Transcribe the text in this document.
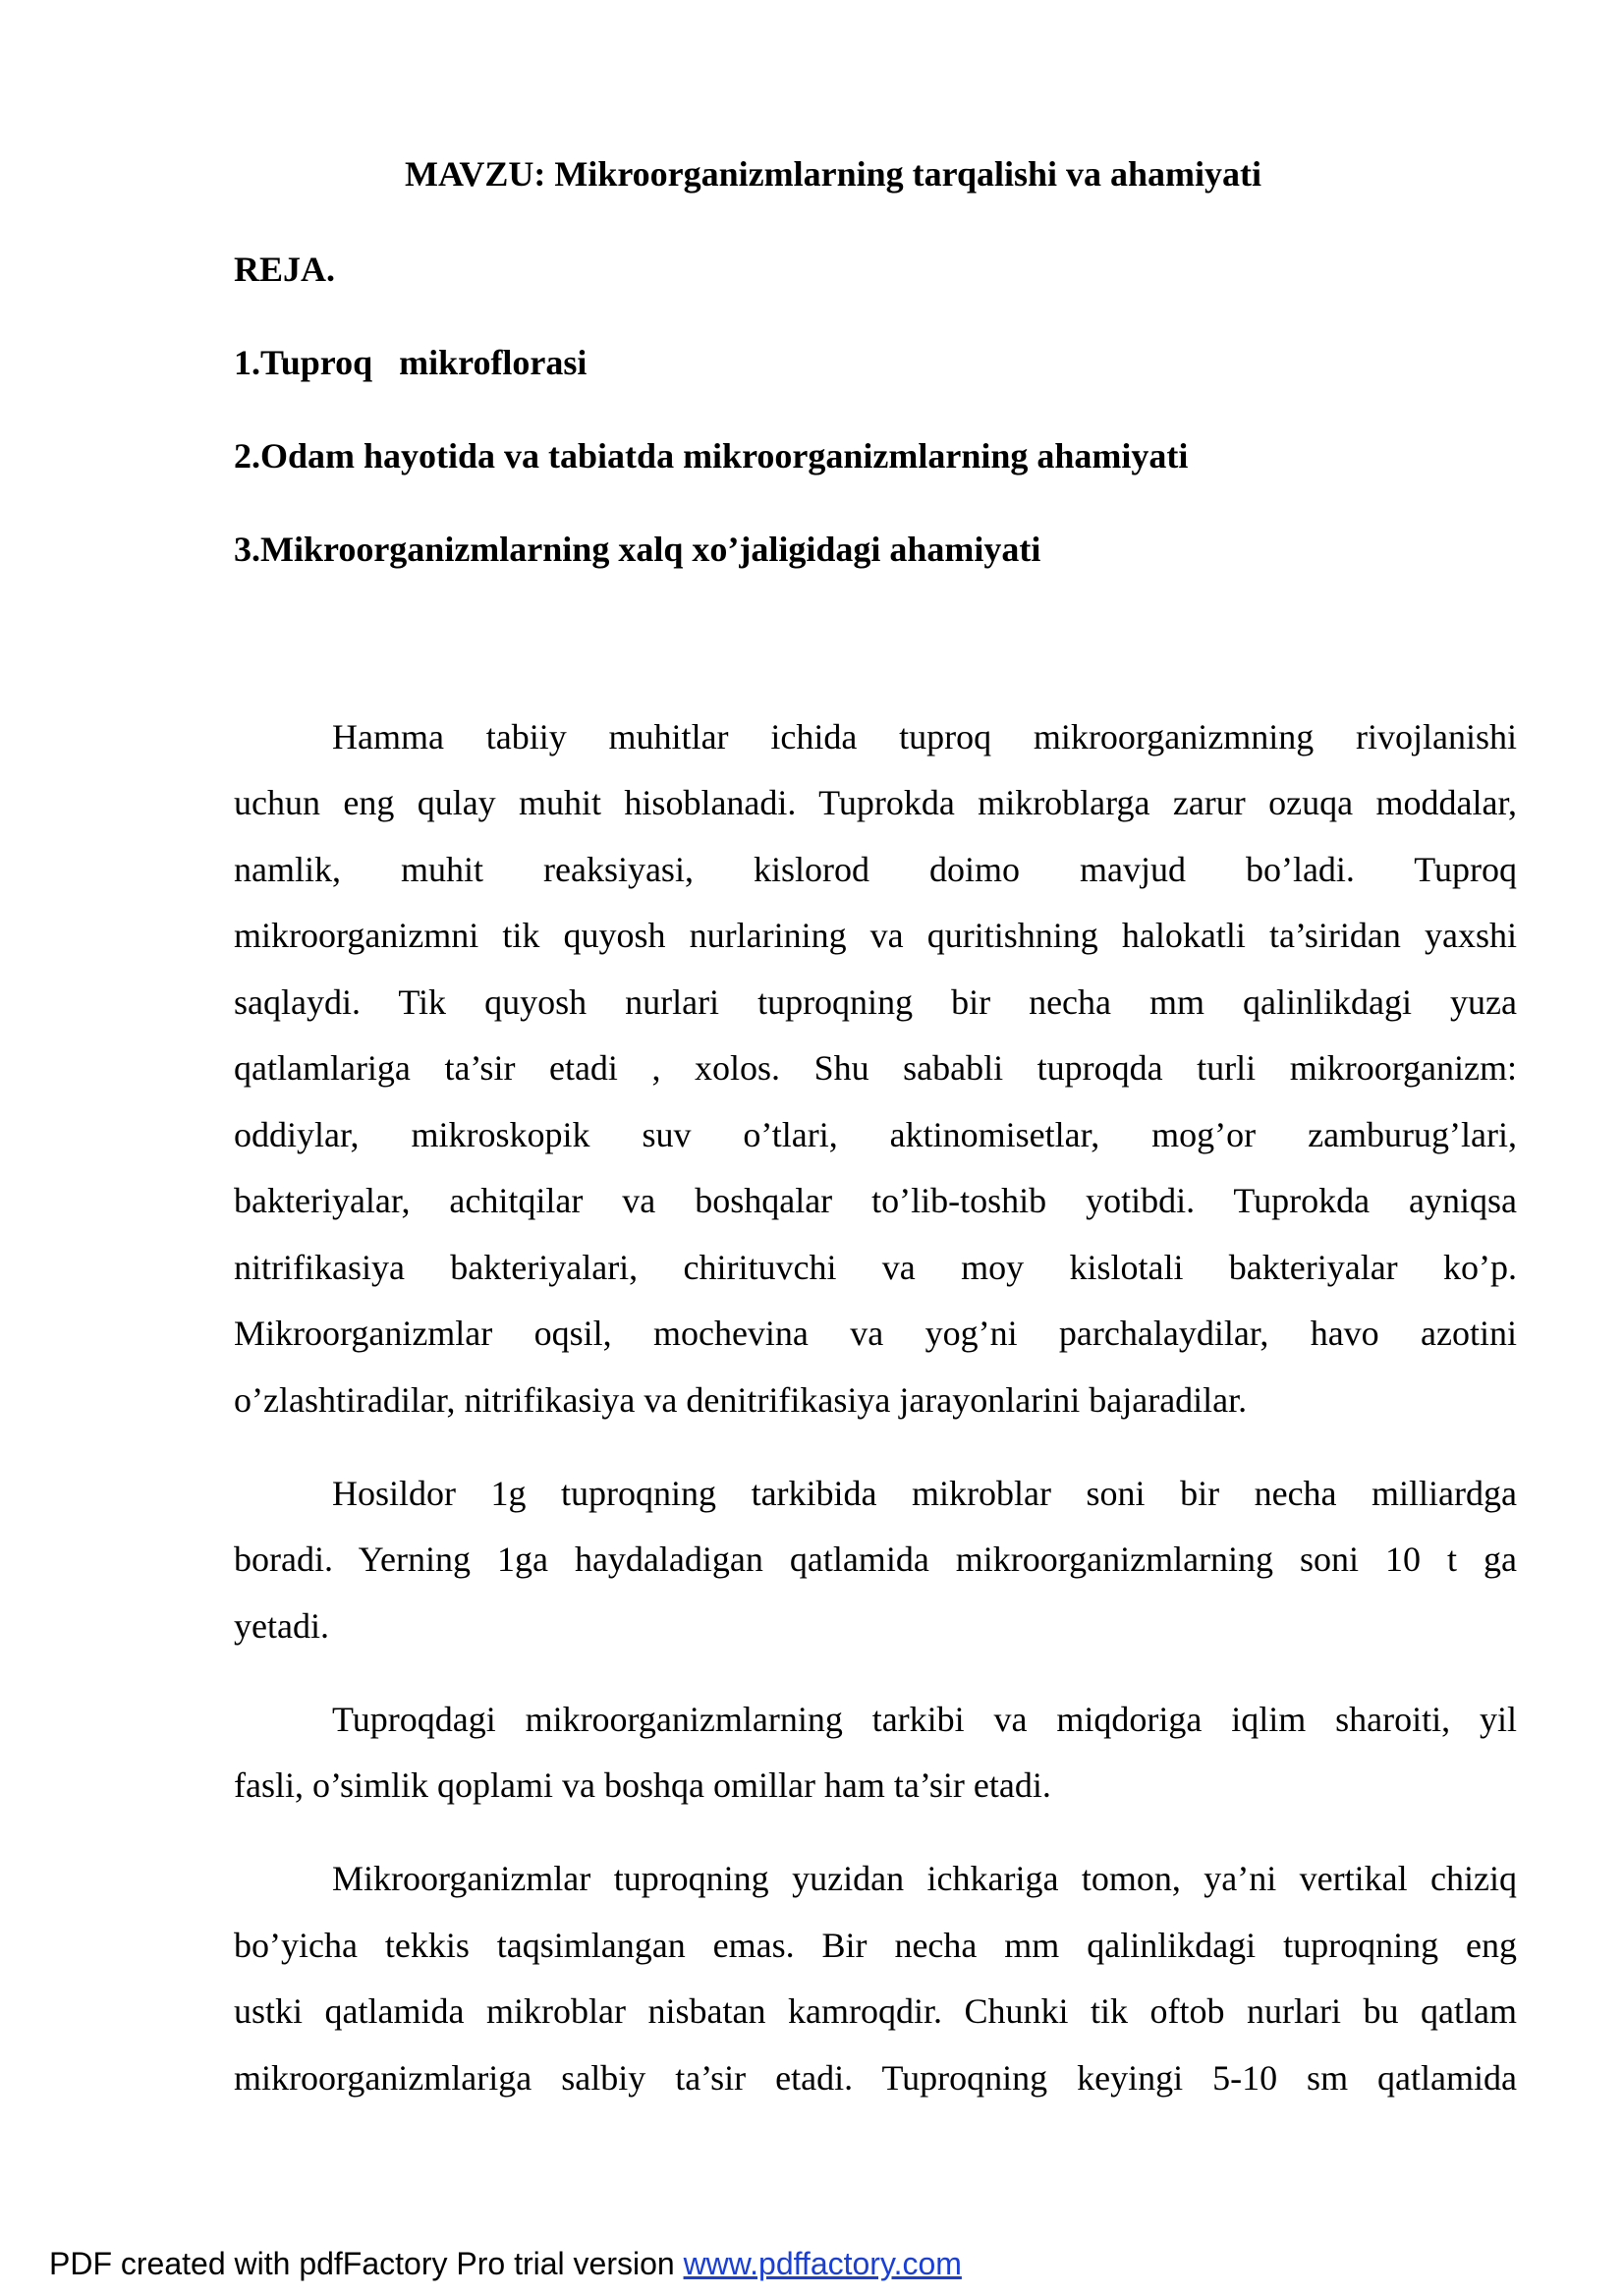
MAVZU: Mikroorganizmlarning tarqalishi va ahamiyati
REJA.
1.Tuproq   mikroflorasi
2.Odam hayotida va tabiatda mikroorganizmlarning ahamiyati
3.Mikroorganizmlarning xalq xo’jaligidagi ahamiyati
Hamma tabiiy muhitlar ichida tuproq mikroorganizmning rivojlanishi
uchun eng qulay muhit hisoblanadi. Tuprokda mikroblarga zarur ozuqa moddalar,
namlik, muhit reaksiyasi, kislorod doimo mavjud bo’ladi. Tuproq
mikroorganizmni tik quyosh nurlarining va quritishning halokatli ta’siridan yaxshi
saqlaydi. Tik quyosh nurlari tuproqning bir necha mm qalinlikdagi yuza
qatlamlariga ta’sir etadi , xolos. Shu sababli tuproqda turli mikroorganizm:
oddiylar, mikroskopik suv o’tlari, aktinomisetlar, mog’or zamburug’lari,
bakteriyalar, achitqilar va boshqalar to’lib-toshib yotibdi. Tuprokda ayniqsa
nitrifikasiya bakteriyalari, chirituvchi va moy kislotali bakteriyalar ko’p.
Mikroorganizmlar oqsil, mochevina va yog’ni parchalaydilar, havo azotini
o’zlashtiradilar, nitrifikasiya va denitrifikasiya jarayonlarini bajaradilar.
Hosildor 1g tuproqning tarkibida mikroblar soni bir necha milliardga
boradi. Yerning 1ga haydaladigan qatlamida mikroorganizmlarning soni 10 t ga
yetadi.
Tuproqdagi mikroorganizmlarning tarkibi va miqdoriga iqlim sharoiti, yil
fasli, o’simlik qoplami va boshqa omillar ham ta’sir etadi.
Mikroorganizmlar tuproqning yuzidan ichkariga tomon, ya’ni vertikal chiziq
bo’yicha tekkis taqsimlangan emas. Bir necha mm qalinlikdagi tuproqning eng
ustki qatlamida mikroblar nisbatan kamroqdir. Chunki tik oftob nurlari bu qatlam
mikroorganizmlariga salbiy ta’sir etadi. Tuproqning keyingi 5-10 sm qatlamida
PDF created with pdfFactory Pro trial version www.pdffactory.com
